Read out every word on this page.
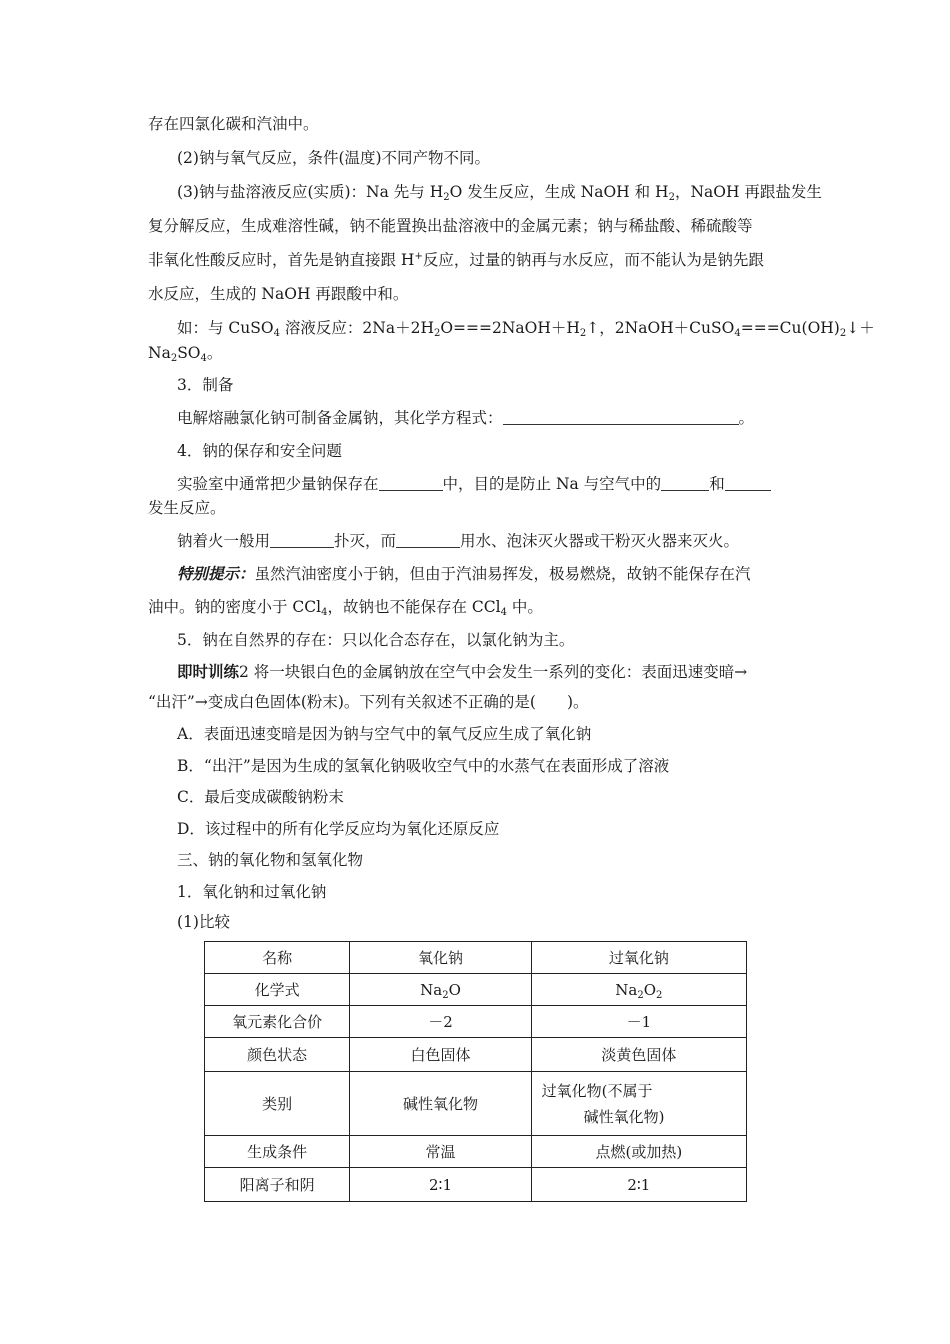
存在四氯化碳和汽油中。
(2)钠与氧气反应，条件(温度)不同产物不同。
(3)钠与盐溶液反应(实质)：Na 先与 $H_2O$ 发生反应，生成 NaOH 和 $H_2$，NaOH 再跟盐发生
复分解反应，生成难溶性碱，钠不能置换出盐溶液中的金属元素；钠与稀盐酸、稀硫酸等
非氧化性酸反应时，首先是钠直接跟 H+反应，过量的钠再与水反应，而不能认为是钠先跟
水反应，生成的 NaOH 再跟酸中和。
如：与 CuSO$_4$ 溶液反应：$2Na+2H_2O===2NaOH+H_2↑$，$2NaOH+CuSO_4===Cu(OH)_2↓+$
$Na_2SO_4$。
3．制备
电解熔融氯化钠可制备金属钠，其化学方程式：	。
4．钠的保存和安全问题
实验室中通常把少量钠保存在	中，目的是防止 Na 与空气中的	和
发生反应。
钠着火一般用	扑灭，而	用水、泡沫灭火器或干粉灭火器来灭火。
特别提示：虽然汽油密度小于钠，但由于汽油易挥发，极易燃烧，故钠不能保存在汽
油中。钠的密度小于 CCl$_4$，故钠也不能保存在 CCl$_4$ 中。
5．钠在自然界的存在：只以化合态存在，以氯化钠为主。
即时训练2 将一块银白色的金属钠放在空气中会发生一系列的变化：表面迅速变暗→
“出汗”→变成白色固体(粉末)。下列有关叙述不正确的是(　　)。
A．表面迅速变暗是因为钠与空气中的氧气反应生成了氧化钠
B．“出汗”是因为生成的氢氧化钠吸收空气中的水蒸气在表面形成了溶液
C．最后变成碳酸钠粉末
D．该过程中的所有化学反应均为氧化还原反应
三、钠的氧化物和氢氧化物
1．氧化钠和过氧化钠
(1)比较
名称	氧化钠	过氧化钠
化学式	$Na_2O$	$Na_2O_2$
氧元素化合价	－2	－1
颜色状态	白色固体	淡黄色固体
类别	碱性氧化物	过氧化物(不属于
碱性氧化物)

生成条件	常温	点燃(或加热)
阳离子和阴	2∶1	2∶1
